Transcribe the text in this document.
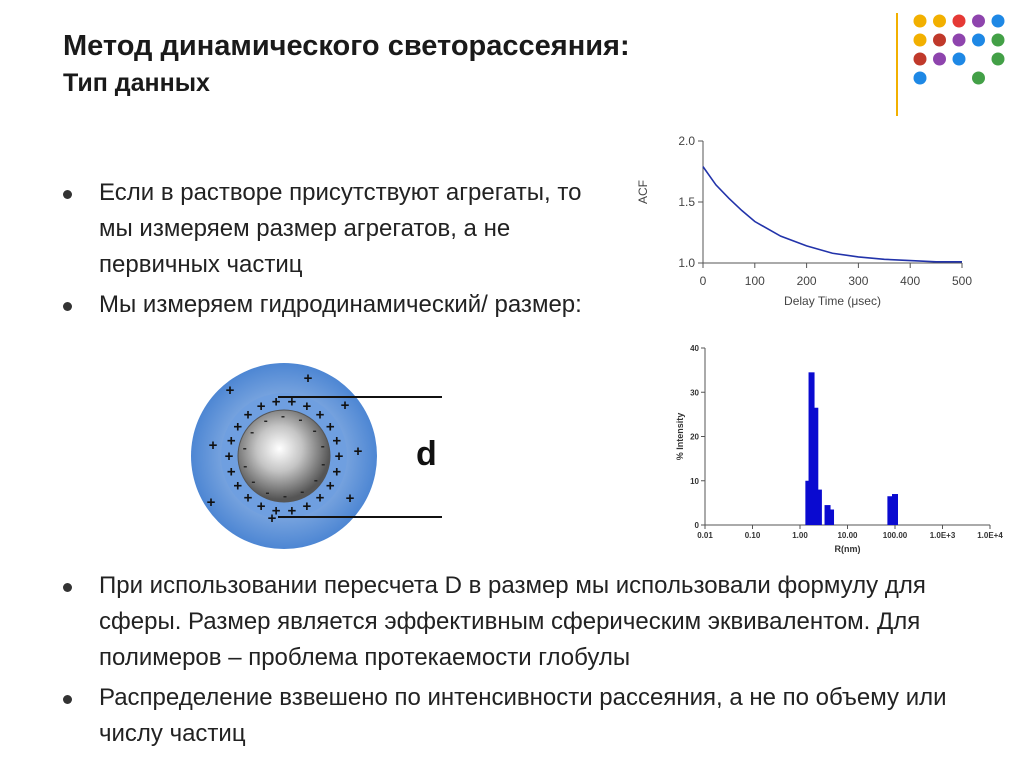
Метод динамического светорассеяния:
Тип данных
Если в растворе присутствуют агрегаты, то мы измеряем размер агрегатов, а не первичных частиц
Мы измеряем гидродинамический/ размер:
+
+
+
+
+
+
+
+
+
+
+
+
+
+
+ + + + + +
+
+
-
-
-
-
-
-
-
-
-
- - -
-
-
+
+
+
+	+
+	+
+
d
1.0
1.5
2.0
0	100	200	300	400	500
Delay Time (μsec)
ACF
0
10
20
30
40
0.01	0.10	1.00	10.00	100.00	1.0E+3	1.0E+4
R(nm)
% Intensity
При использовании пересчета D в размер мы использовали формулу для сферы. Размер является эффективным сферическим эквивалентом. Для полимеров – проблема протекаемости глобулы
Распределение взвешено по интенсивности рассеяния, а не по объему или числу частиц
